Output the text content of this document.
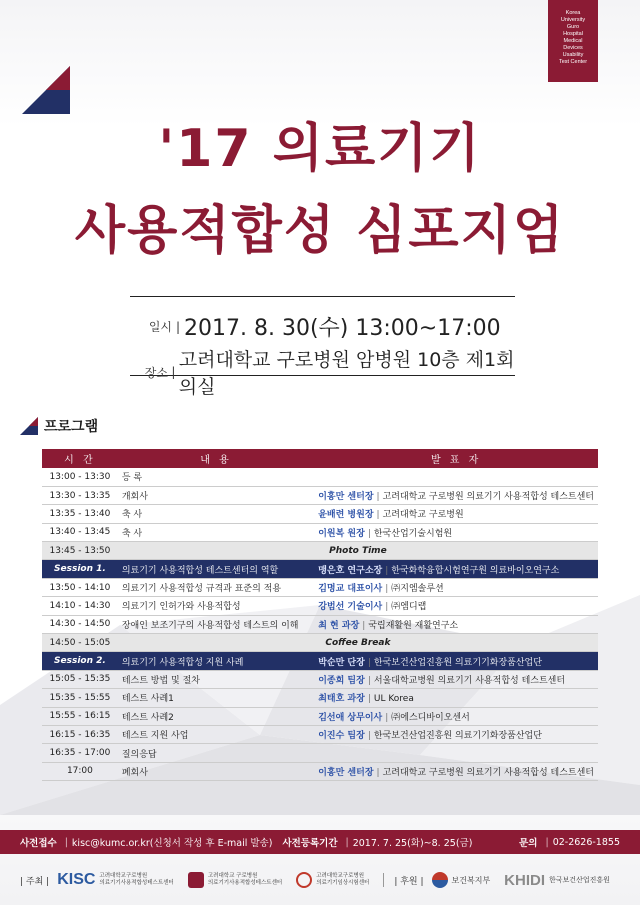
Korea
University
Guro
Hospital
Medical
Devices
Usability
Test Center
'17 의료기기
사용적합성 심포지엄
일시 | 2017. 8. 30(수) 13:00~17:00
장소 |
고려대학교 구로병원 암병원 10층 제1회의실
프로그램
시 간	내 용	발 표 자
13:00 - 13:30	등 록	
13:30 - 13:35	개회사	이홍만 센터장 | 고려대학교 구로병원 의료기기 사용적합성 테스트센터
13:35 - 13:40	축 사	윤배련 병원장 | 고려대학교 구로병원
13:40 - 13:45	축 사	이원복 원장 | 한국산업기술시험원
13:45 - 13:50	Photo Time	
Session 1.	의료기기 사용적합성 테스트센터의 역할	맹은호 연구소장 | 한국화학융합시험연구원 의료바이오연구소
13:50 - 14:10	의료기기 사용적합성 규격과 표준의 적용	김명교 대표이사 | ㈜지엠솔루션
14:10 - 14:30	의료기기 인허가와 사용적합성	강범선 기술이사 | ㈜엠디랩
14:30 - 14:50	장애인 보조기구의 사용적합성 테스트의 이해	최 현 과장 | 국립재활원 재활연구소
14:50 - 15:05	Coffee Break	
Session 2.	의료기기 사용적합성 지원 사례	박순만 단장 | 한국보건산업진흥원 의료기기화장품산업단
15:05 - 15:35	테스트 방법 및 절차	이종희 팀장 | 서울대학교병원 의료기기 사용적합성 테스트센터
15:35 - 15:55	테스트 사례1	최태호 과장 | UL Korea
15:55 - 16:15	테스트 사례2	김선애 상무이사 | ㈜에스디바이오센서
16:15 - 16:35	테스트 지원 사업	이진수 팀장 | 한국보건산업진흥원 의료기기화장품산업단
16:35 - 17:00	질의응답	
17:00	폐회사	이홍만 센터장 | 고려대학교 구로병원 의료기기 사용적합성 테스트센터
사전접수 | kisc@kumc.or.kr(신청서 작성 후 E-mail 발송) 사전등록기간 | 2017. 7. 25(화)~8. 25(금)	문의 | 02-2626-1855
| 주최 | KISC 고려대학교구로병원
의료기기사용적합성테스트센터
고려대학교 구로병원
의료기기사용적합성테스트센터
고려대학교구로병원
의료기기임상시험센터	| 후원 |	보건복지부 KHIDI 한국보건산업진흥원
